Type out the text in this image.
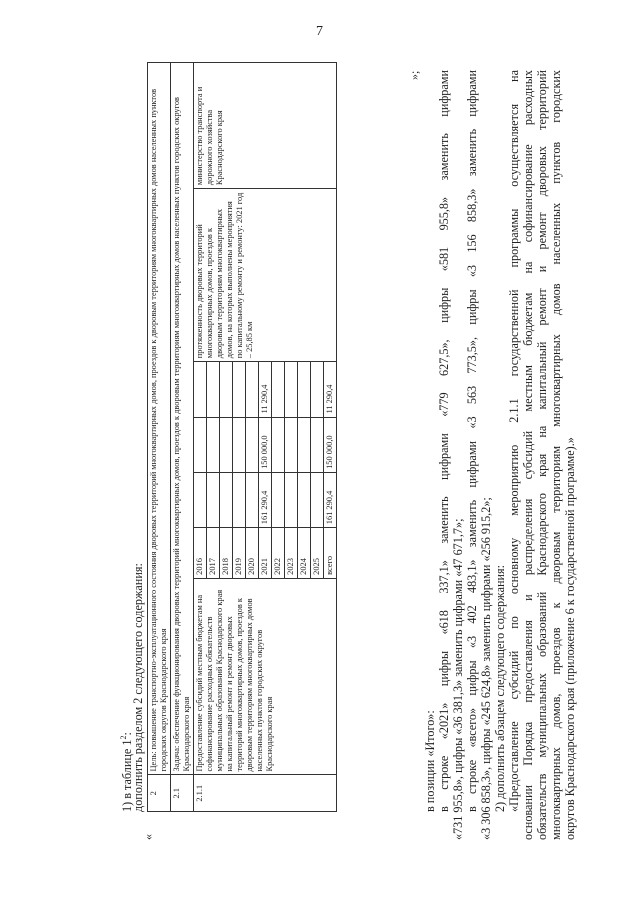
7
1) в таблице $1^2$:
дополнить разделом 2 следующего содержания:
«
2	Цель: повышение транспортно-эксплуатационного состояния дворовых территорий многоквартирных домов, проездов к дворовым территориям многоквартирных домов населенных пунктов городских округов Краснодарского края						
2.1	Задача: обеспечение функционирования дворовых территорий многоквартирных домов, проездов к дворовым территориям многоквартирных домов населенных пунктов городских округов Краснодарского края						
2.1.1	Предоставление субсидий местным бюджетам на софинансирование расходных обязательств муниципальных образований Краснодарского края на капитальный ремонт и ремонт дворовых территорий многоквартирных домов, проездов к дворовым территориям многоквартирных домов населенных пунктов городских округов Краснодарского края	2016				протяженность дворовых территорий многоквартирных домов, проездов к дворовым территориям многоквартирных домов, на которых выполнены мероприятия по капитальному ремонту и ремонту: 2021 год – 25,85 км	министерство транспорта и дорожного хозяйства Краснодарского края
		2017					
		2018					
		2019					
		2020					
		2021	161 290,4	150 000,0	11 290,4		
		2022					
		2023					
		2024					
		2025					
		всего	161 290,4	150 000,0	11 290,4		
»;
в позиции «Итого»: в строке «2021» цифры «618 337,1» заменить цифрами «779 627,5», цифры «581 955,8» заменить цифрами «731 955,8», цифры «36 381,3» заменить цифрами «47 671,7»; в строке «всего» цифры «3 402 483,1» заменить цифрами «3 563 773,5», цифры «3 156 858,3» заменить цифрами «3 306 858,3», цифры «245 624,8» заменить цифрами «256 915,2»; 2) дополнить абзацем следующего содержания: «Предоставление субсидий по основному мероприятию 2.1.1 государственной программы осуществляется на основании Порядка предоставления и распределения субсидий местным бюджетам на софинансирование расходных обязательств муниципальных образований Краснодарского края на капитальный ремонт и ремонт дворовых территорий многоквартирных домов, проездов к дворовым территориям многоквартирных домов населенных пунктов городских округов Краснодарского края (приложение 6 к государственной программе).»
